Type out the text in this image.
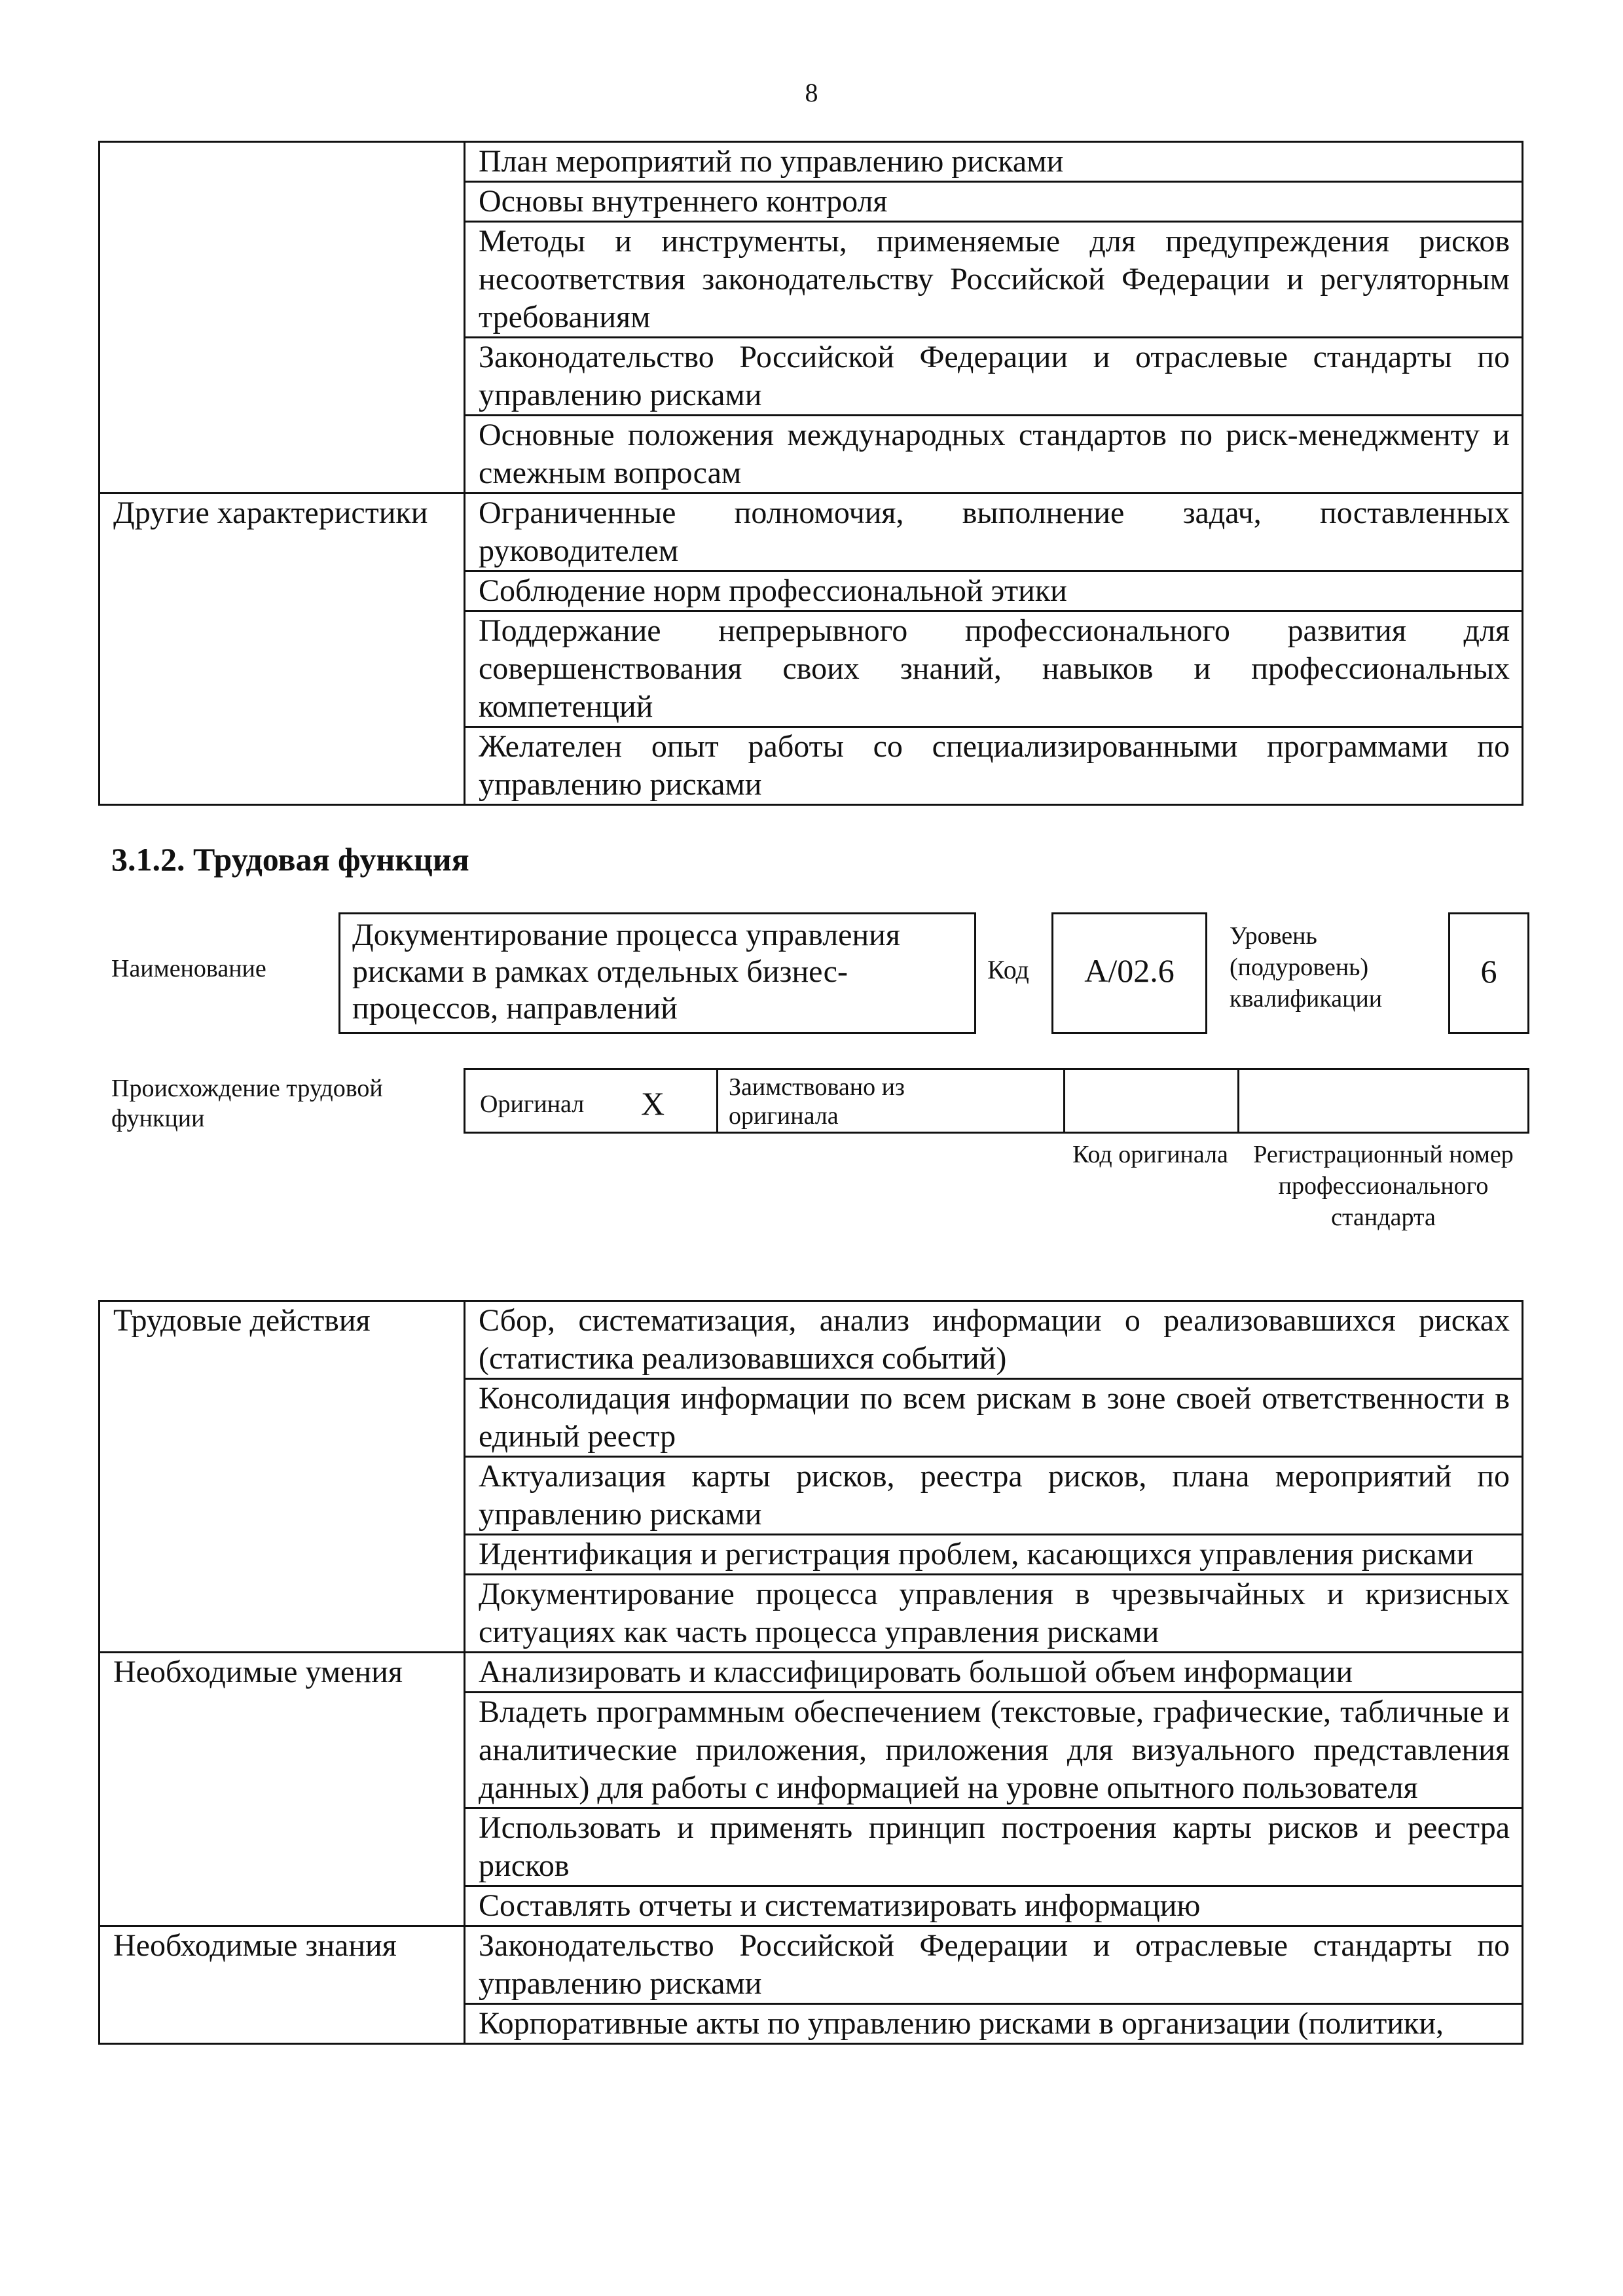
8
	План мероприятий по управлению рисками
	Основы внутреннего контроля
	Методы и инструменты, применяемые для предупреждения рисков несоответствия законодательству Российской Федерации и регуляторным требованиям
	Законодательство Российской Федерации и отраслевые стандарты по управлению рисками
	Основные положения международных стандартов по риск-менеджменту и смежным вопросам
Другие характеристики	Ограниченные полномочия, выполнение задач, поставленных руководителем
	Соблюдение норм профессиональной этики
	Поддержание непрерывного профессионального развития для совершенствования своих знаний, навыков и профессиональных компетенций
	Желателен опыт работы со специализированными программами по управлению рисками
3.1.2. Трудовая функция
Наименование
Документирование процесса управления рисками в рамках отдельных бизнес-процессов, направлений
Код	A/02.6
Уровень (подуровень) квалификации
6
Происхождение трудовой функции
Оригинал X	Заимствовано из оригинала
Код оригинала	Регистрационный номер профессионального стандарта
Трудовые действия	Сбор, систематизация, анализ информации о реализовавшихся рисках (статистика реализовавшихся событий)
	Консолидация информации по всем рискам в зоне своей ответственности в единый реестр
	Актуализация карты рисков, реестра рисков, плана мероприятий по управлению рисками
	Идентификация и регистрация проблем, касающихся управления рисками
	Документирование процесса управления в чрезвычайных и кризисных ситуациях как часть процесса управления рисками
Необходимые умения	Анализировать и классифицировать большой объем информации
	Владеть программным обеспечением (текстовые, графические, табличные и аналитические приложения, приложения для визуального представления данных) для работы с информацией на уровне опытного пользователя
	Использовать и применять принцип построения карты рисков и реестра рисков
	Составлять отчеты и систематизировать информацию
Необходимые знания	Законодательство Российской Федерации и отраслевые стандарты по управлению рисками
	Корпоративные акты по управлению рисками в организации (политики,
